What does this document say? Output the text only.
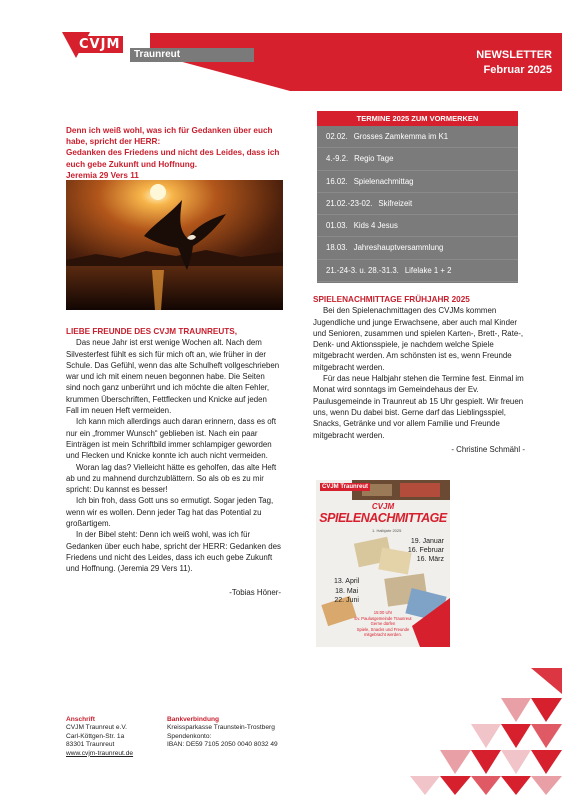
CVJM
Traunreut	NEWSLETTER
Februar 2025
Denn ich weiß wohl, was ich für Gedanken über euch
habe, spricht der HERR:
Gedanken des Friedens und nicht des Leides, dass ich
euch gebe Zukunft und Hoffnung.
Jeremia 29 Vers 11
LIEBE FREUNDE DES CVJM TRAUNREUTS,

Das neue Jahr ist erst wenige Wochen alt. Nach dem Silvesterfest fühlt es sich für mich oft an, wie früher in der Schule. Das Gefühl, wenn das alte Schulheft vollgeschrieben war und ich mit einem neuen begonnen habe. Die Seiten sind noch ganz unberührt und ich möchte die alten Fehler, krummen Überschriften, Fettflecken und Knicke auf jeden Fall im neuen Heft vermeiden.

Ich kann mich allerdings auch daran erinnern, dass es oft nur ein „frommer Wunsch“ geblieben ist. Nach ein paar Einträgen ist mein Schriftbild immer schlampiger geworden und Flecken und Knicke konnte ich auch nicht vermeiden.

Woran lag das? Vielleicht hätte es geholfen, das alte Heft ab und zu mahnend durchzublättern. So als ob es zu mir spricht: Du kannst es besser!

Ich bin froh, dass Gott uns so ermutigt. Sogar jeden Tag, wenn wir es wollen. Denn jeder Tag hat das Potential zu großartigem.

In der Bibel steht: Denn ich weiß wohl, was ich für Gedanken über euch habe, spricht der HERR: Gedanken des Friedens und nicht des Leides, dass ich euch gebe Zukunft und Hoffnung. (Jeremia 29 Vers 11).

-Tobias Höner-
TERMINE 2025 ZUM VORMERKEN
02.02. Grosses Zamkemma im K1
4.-9.2. Regio Tage
16.02. Spielenachmittag
21.02.-23-02. Skifreizeit
01.03. Kids 4 Jesus
18.03. Jahreshauptversammlung
21.-24-3. u. 28.-31.3. Lifelake 1 + 2
SPIELENACHMITTAGE FRÜHJAHR 2025

Bei den Spielenachmittagen des CVJMs kommen Jugendliche und junge Erwachsene, aber auch mal Kinder und Senioren, zusammen und spielen Karten-, Brett-, Rate-, Denk- und Aktionsspiele, je nachdem welche Spiele mitgebracht werden. Am schönsten ist es, wenn Freunde mitgebracht werden.

Für das neue Halbjahr stehen die Termine fest. Einmal im Monat wird sonntags im Gemeindehaus der Ev. Paulusgemeinde in Traunreut ab 15 Uhr gespielt. Wir freuen uns, wenn Du dabei bist. Gerne darf das Lieblingsspiel, Snacks, Getränke und vor allem Familie und Freunde mitgebracht werden.

- Christine Schmähl -
CVJM Traunreut
CVJM
SPIELENACHMITTAGE
1. Halbjahr 2025
19. Januar
16. Februar
16. März
13. April
18. Mai
22. Juni
15:00 Uhr
Ev. Paulusgemeinde Traunreut
Gerne dürfen
Spiele, Snacks und Freunde
mitgebracht werden.
Anschrift
CVJM Traunreut e.V.
Carl-Köttgen-Str. 1a
83301 Traunreut
www.cvjm-traunreut.de
Bankverbindung
Kreissparkasse Traunstein-Trostberg
Spendenkonto:
IBAN: DE59 7105 2050 0040 8032 49
